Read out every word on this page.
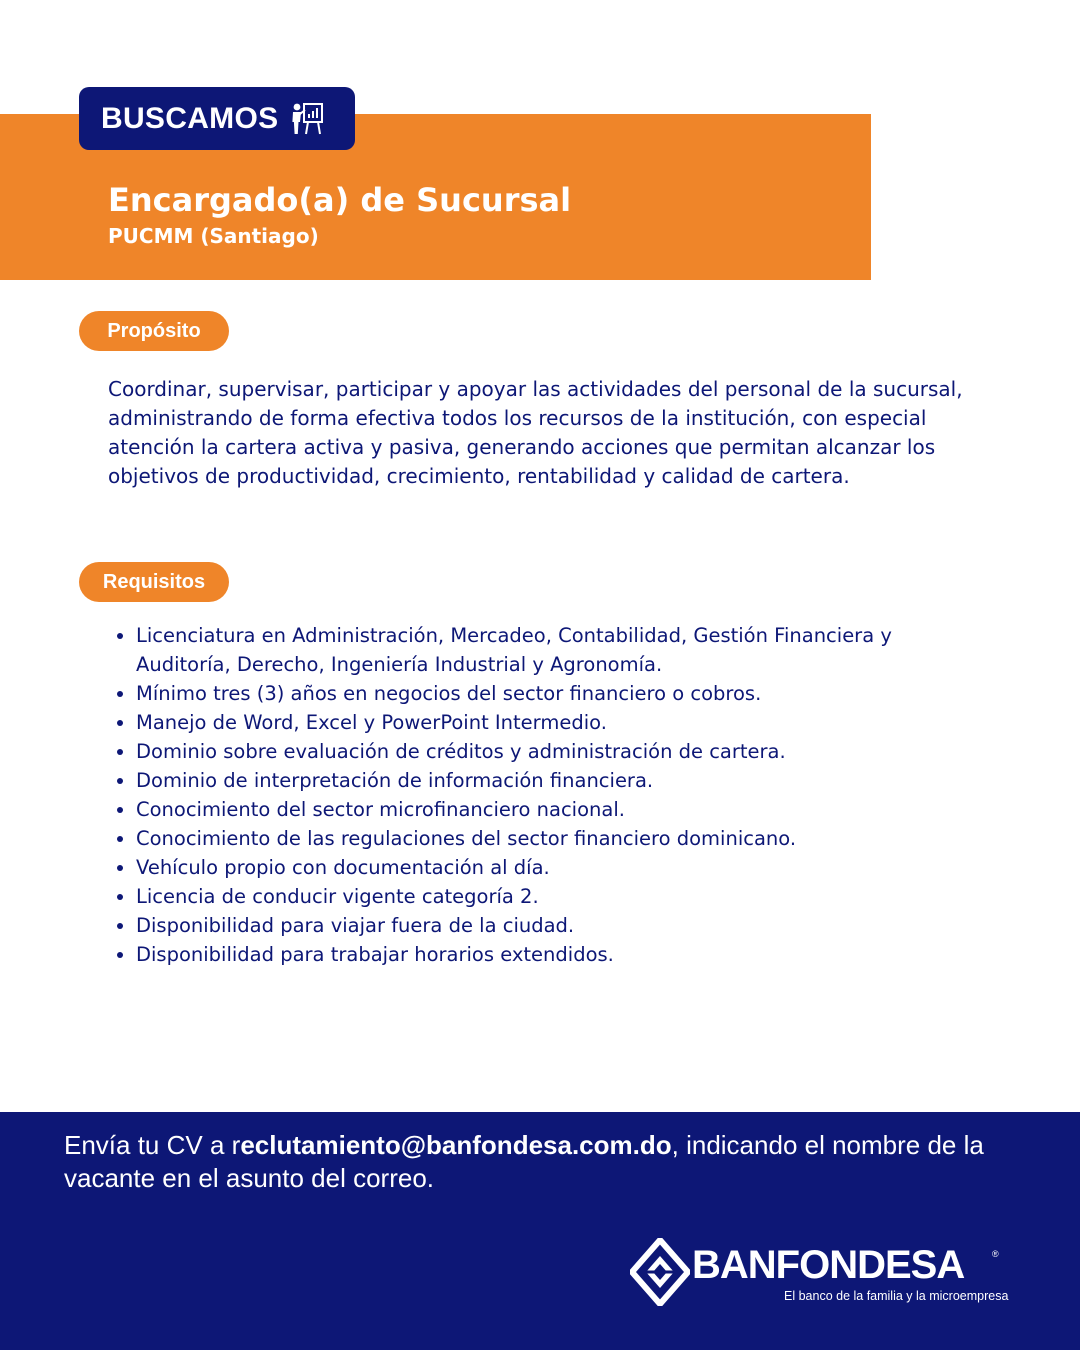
BUSCAMOS
Encargado(a) de Sucursal
PUCMM (Santiago)
Propósito

Coordinar, supervisar, participar y apoyar las actividades del personal de la sucursal, administrando de forma efectiva todos los recursos de la institución, con especial atención la cartera activa y pasiva, generando acciones que permitan alcanzar los objetivos de productividad, crecimiento, rentabilidad y calidad de cartera.

Requisitos
• Licenciatura en Administración, Mercadeo, Contabilidad, Gestión Financiera y Auditoría, Derecho, Ingeniería Industrial y Agronomía.
• Mínimo tres (3) años en negocios del sector financiero o cobros.
• Manejo de Word, Excel y PowerPoint Intermedio.
• Dominio sobre evaluación de créditos y administración de cartera.
• Dominio de interpretación de información financiera.
• Conocimiento del sector microfinanciero nacional.
• Conocimiento de las regulaciones del sector financiero dominicano.
• Vehículo propio con documentación al día.
• Licencia de conducir vigente categoría 2.
• Disponibilidad para viajar fuera de la ciudad.
• Disponibilidad para trabajar horarios extendidos.

Envía tu CV a reclutamiento@banfondesa.com.do, indicando el nombre de la vacante en el asunto del correo.

BANFONDESA	®
El banco de la familia y la microempresa
